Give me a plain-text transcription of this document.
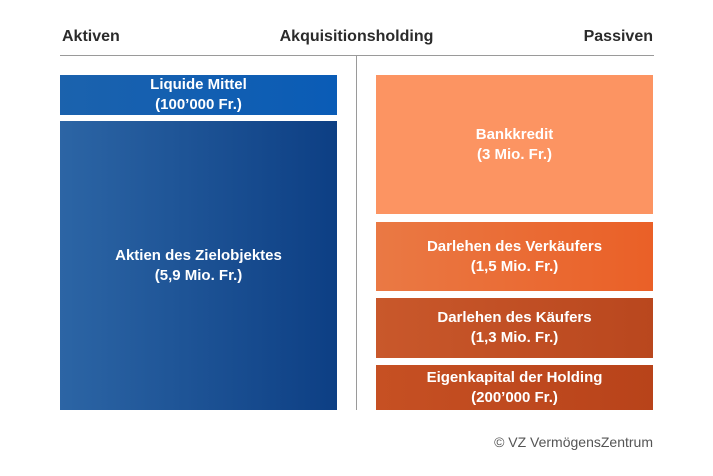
Aktiven	Akquisitionsholding	Passiven
Liquide Mittel
(100’000 Fr.)
Aktien des Zielobjektes
(5,9 Mio. Fr.)
Bankkredit
(3 Mio. Fr.)
Darlehen des Verkäufers
(1,5 Mio. Fr.)
Darlehen des Käufers
(1,3 Mio. Fr.)
Eigenkapital der Holding
(200’000 Fr.)
© VZ VermögensZentrum
